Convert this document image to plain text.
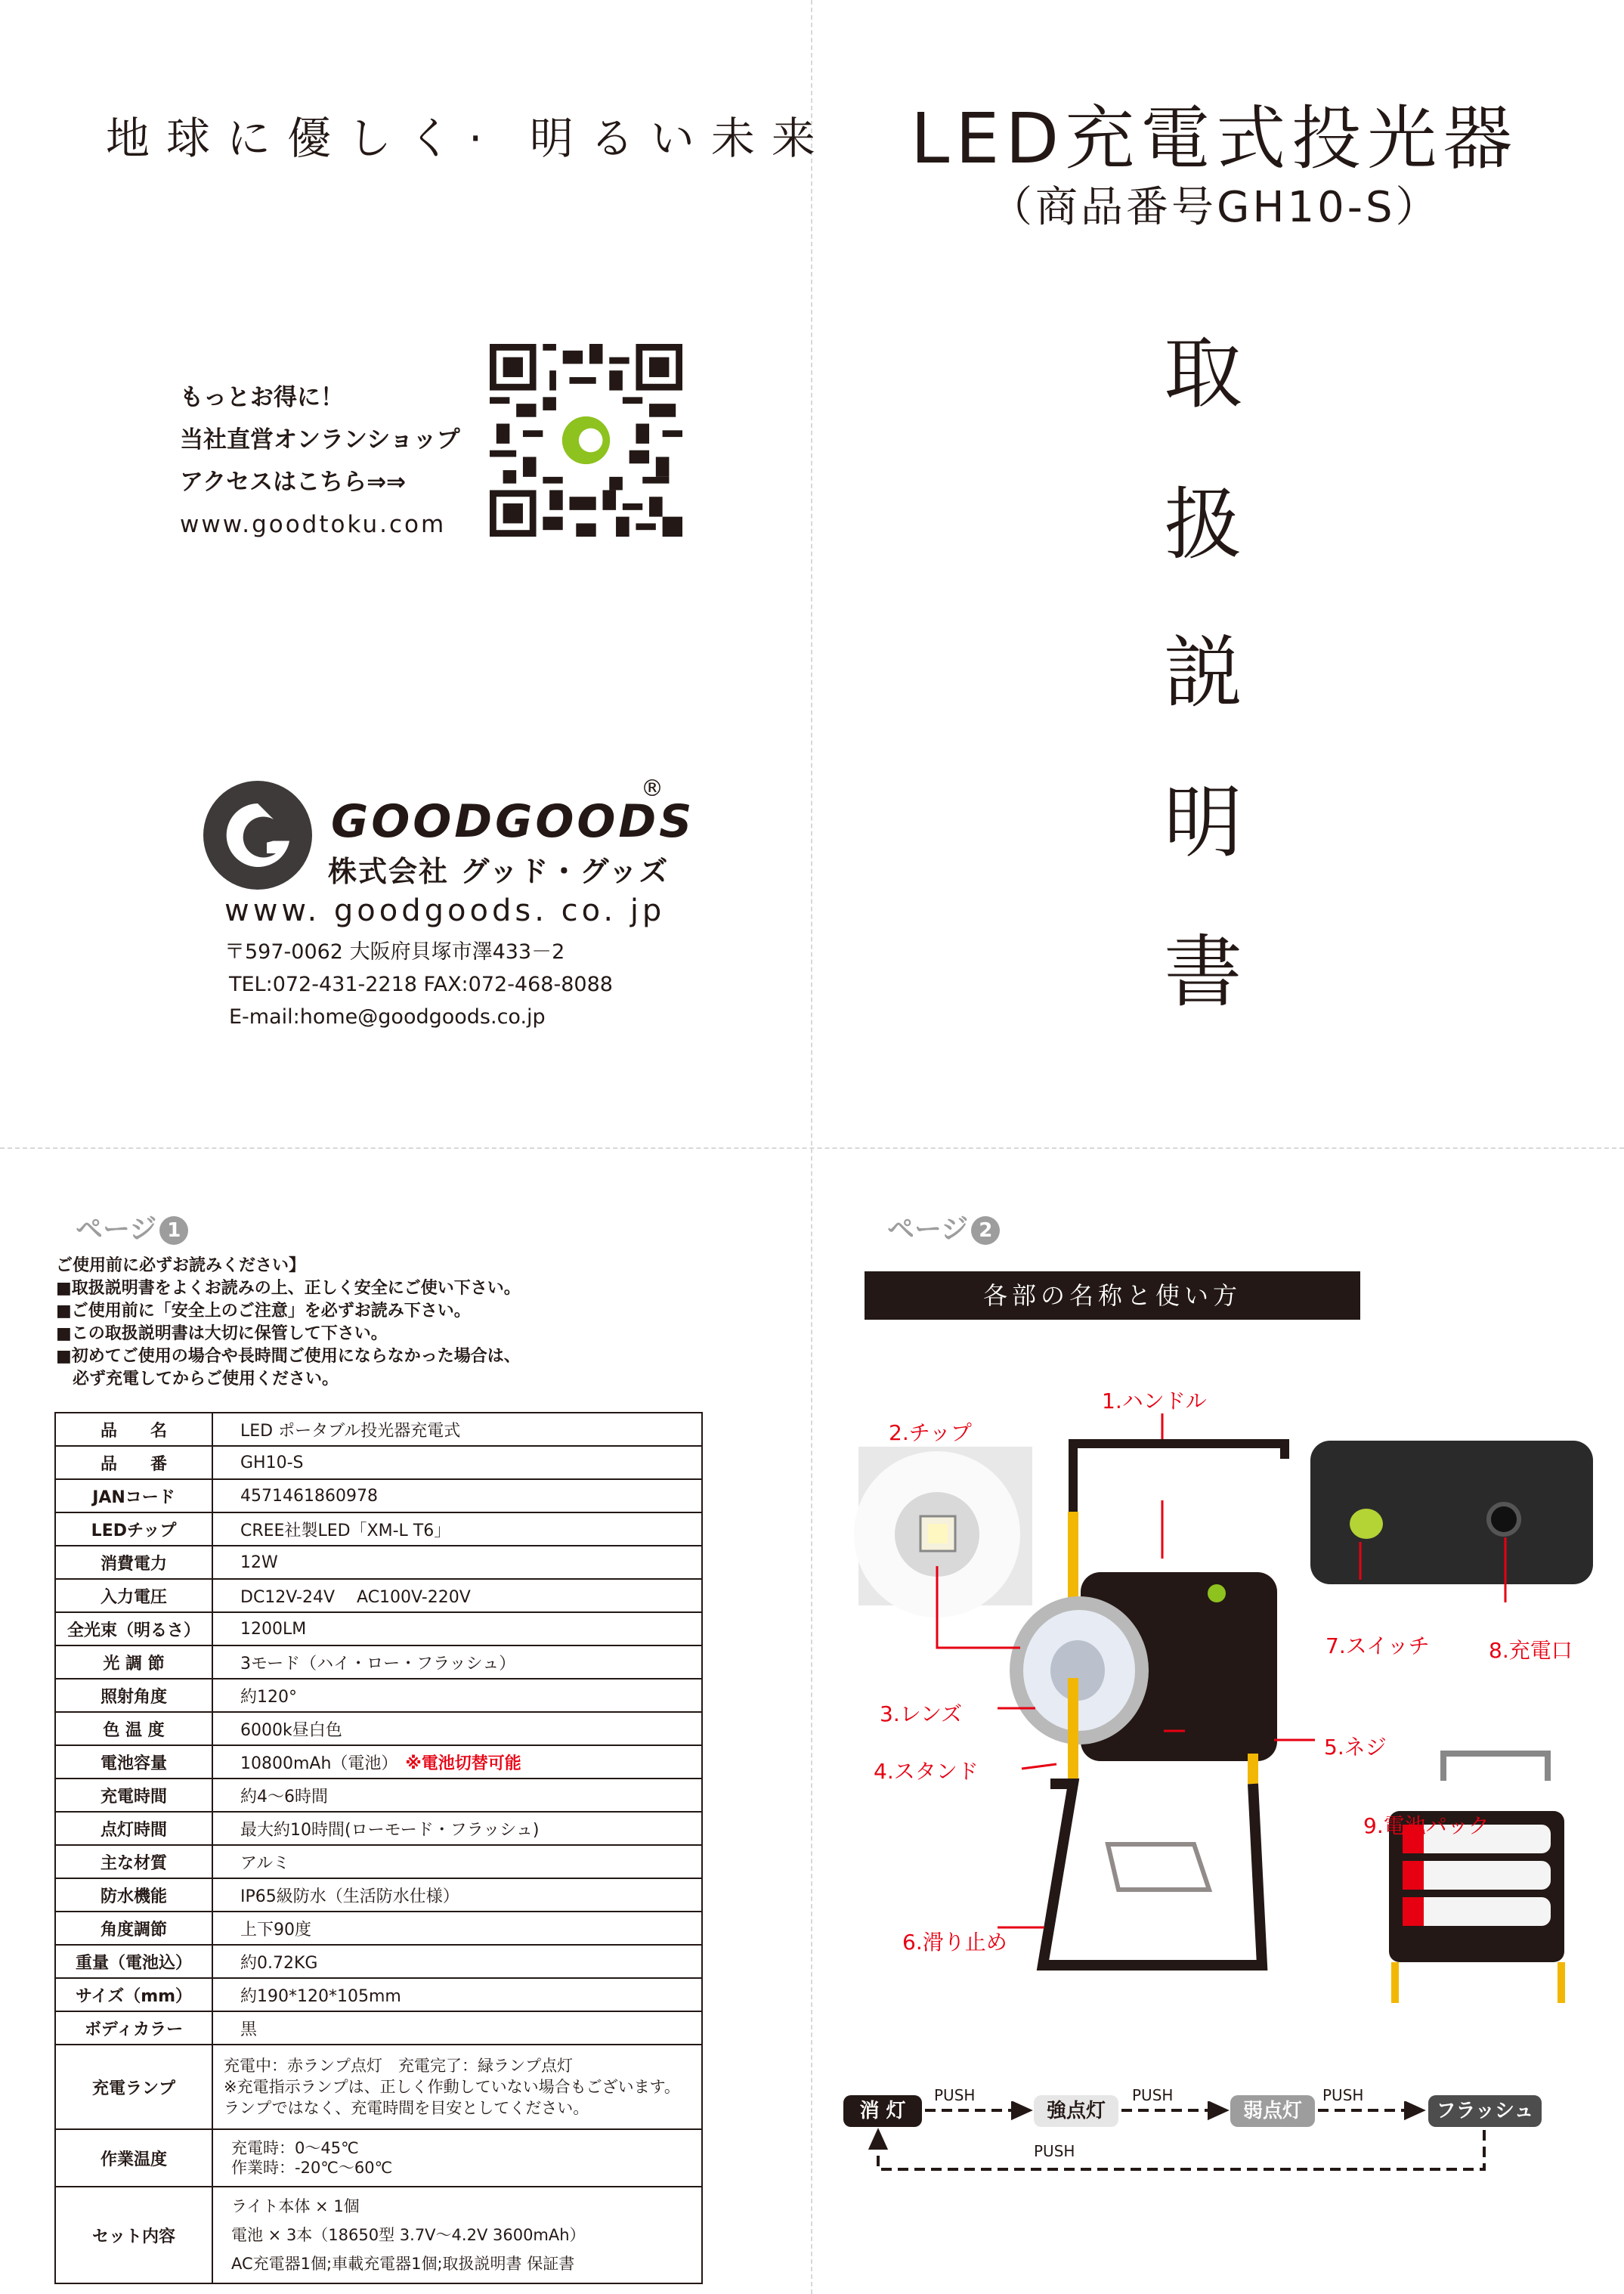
地球に優しく· 明るい未来
もっとお得に！
当社直営オンランショップ
アクセスはこちら⇒⇒
www.goodtoku.com
GOODGOODS
®
株式会社 グッド・グッズ
www. goodgoods. co. jp
〒597-0062 大阪府貝塚市澤433－2
TEL:072-431-2218 FAX:072-468-8088
E-mail:home@goodgoods.co.jp
LED充電式投光器
（商品番号GH10-S）
取
扱
説
明
書
ページ 1
ご使用前に必ずお読みください】
■取扱説明書をよくお読みの上、正しく安全にご使い下さい。
■ご使用前に「安全上のご注意」を必ずお読み下さい。
■この取扱説明書は大切に保管して下さい。
■初めてご使用の場合や長時間ご使用にならなかった場合は、
　必ず充電してからご使用ください。
品　　名	LED ポータブル投光器充電式
品　　番	GH10-S
JANコード	4571461860978
LEDチップ	CREE社製LED「XM-L T6」
消費電力	12W
入力電圧	DC12V-24V　 AC100V-220V
全光束（明るさ）	1200LM
光 調 節	3モード（ハイ・ロー・フラッシュ）
照射角度	約120°
色 温 度	6000k昼白色
電池容量	10800mAh（電池） ※電池切替可能
充電時間	約4～6時間
点灯時間	最大約10時間(ローモード・フラッシュ)
主な材質	アルミ
防水機能	IP65級防水（生活防水仕様）
角度調節	上下90度
重量（電池込）	約0.72KG
サイズ（mm）	約190*120*105mm
ボディカラー	黒
充電ランプ	充電中：赤ランプ点灯　充電完了：緑ランプ点灯
※充電指示ランプは、正しく作動していない場合もございます。
ランプではなく、充電時間を目安としてください。

作業温度	充電時：0～45℃
作業時：-20℃～60℃

セット内容	ライト本体 × 1個
電池 × 3本（18650型 3.7V～4.2V 3600mAh）
AC充電器1個;車載充電器1個;取扱説明書 保証書
ページ 2
各部の名称と使い方
1.ハンドル
2.チップ
3.レンズ
4.スタンド
5.ネジ
6.滑り止め
7.スイッチ	8.充電口
9.電池パック
消 灯
PUSH
強点灯
PUSH
弱点灯
PUSH
フラッシュ
PUSH
